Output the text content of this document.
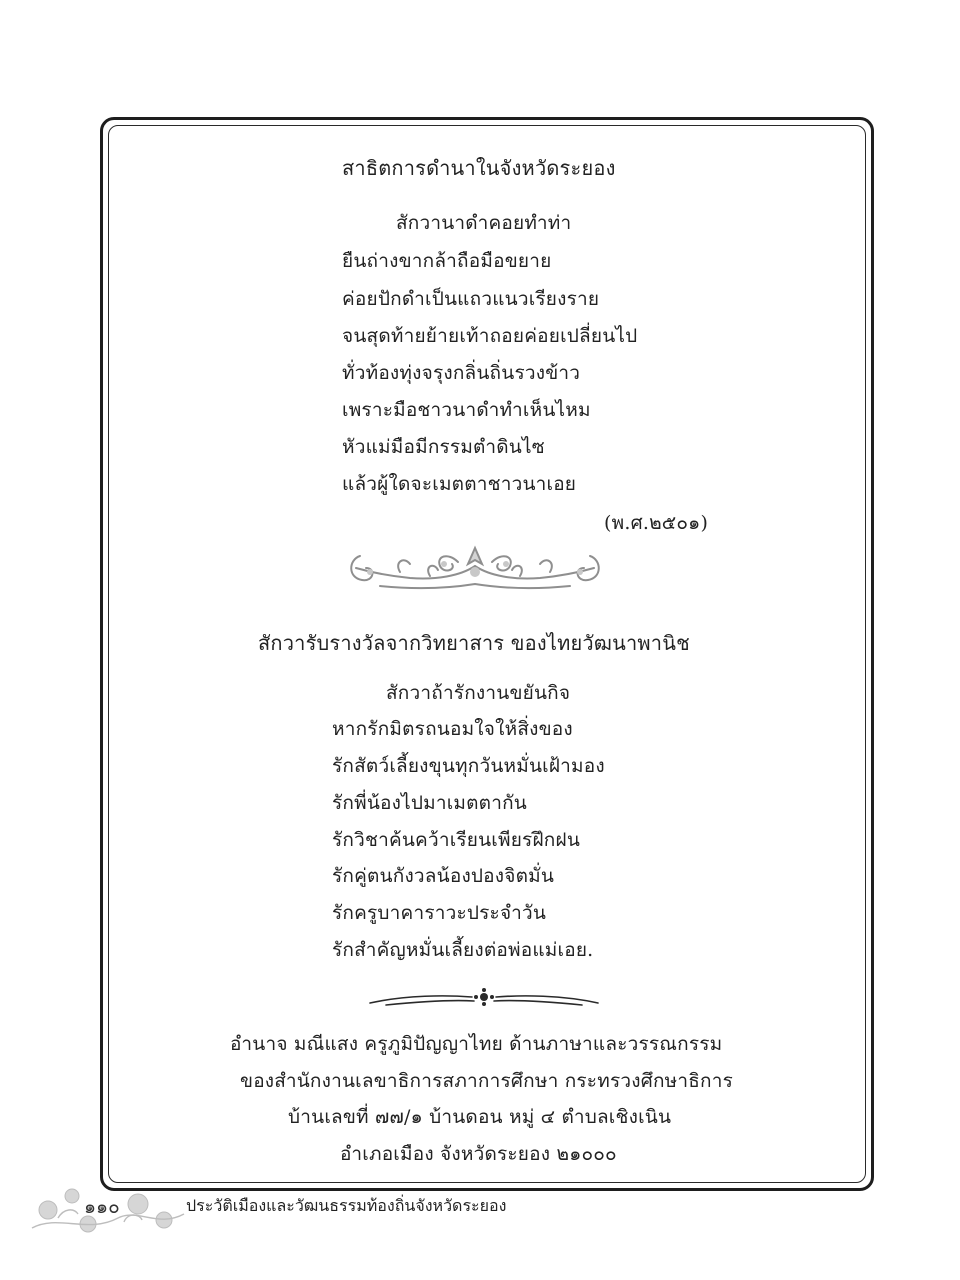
สาธิตการดำนาในจังหวัดระยอง
สักวานาดำคอยทำท่า
ยืนถ่างขากล้าถือมือขยาย
ค่อยปักดำเป็นแถวแนวเรียงราย
จนสุดท้ายย้ายเท้าถอยค่อยเปลี่ยนไป
ทั่วท้องทุ่งจรุงกลิ่นถิ่นรวงข้าว
เพราะมือชาวนาดำทำเห็นไหม
หัวแม่มือมีกรรมตำดินไซ
แล้วผู้ใดจะเมตตาชาวนาเอย
(พ.ศ.๒๕๐๑)
สักวารับรางวัลจากวิทยาสาร ของไทยวัฒนาพานิช
สักวาถ้ารักงานขยันกิจ
หากรักมิตรถนอมใจให้สิ่งของ
รักสัตว์เลี้ยงขุนทุกวันหมั่นเฝ้ามอง
รักพี่น้องไปมาเมตตากัน
รักวิชาค้นคว้าเรียนเพียรฝึกฝน
รักคู่ตนกังวลน้องปองจิตมั่น
รักครูบาคาราวะประจำวัน
รักสำคัญหมั่นเลี้ยงต่อพ่อแม่เอย.
อำนาจ มณีแสง ครูภูมิปัญญาไทย ด้านภาษาและวรรณกรรม
ของสำนักงานเลขาธิการสภาการศึกษา กระทรวงศึกษาธิการ
บ้านเลขที่ ๗๗/๑ บ้านดอน หมู่ ๔ ตำบลเชิงเนิน
อำเภอเมือง จังหวัดระยอง ๒๑๐๐๐
๑๑๐	ประวัติเมืองและวัฒนธรรมท้องถิ่นจังหวัดระยอง
